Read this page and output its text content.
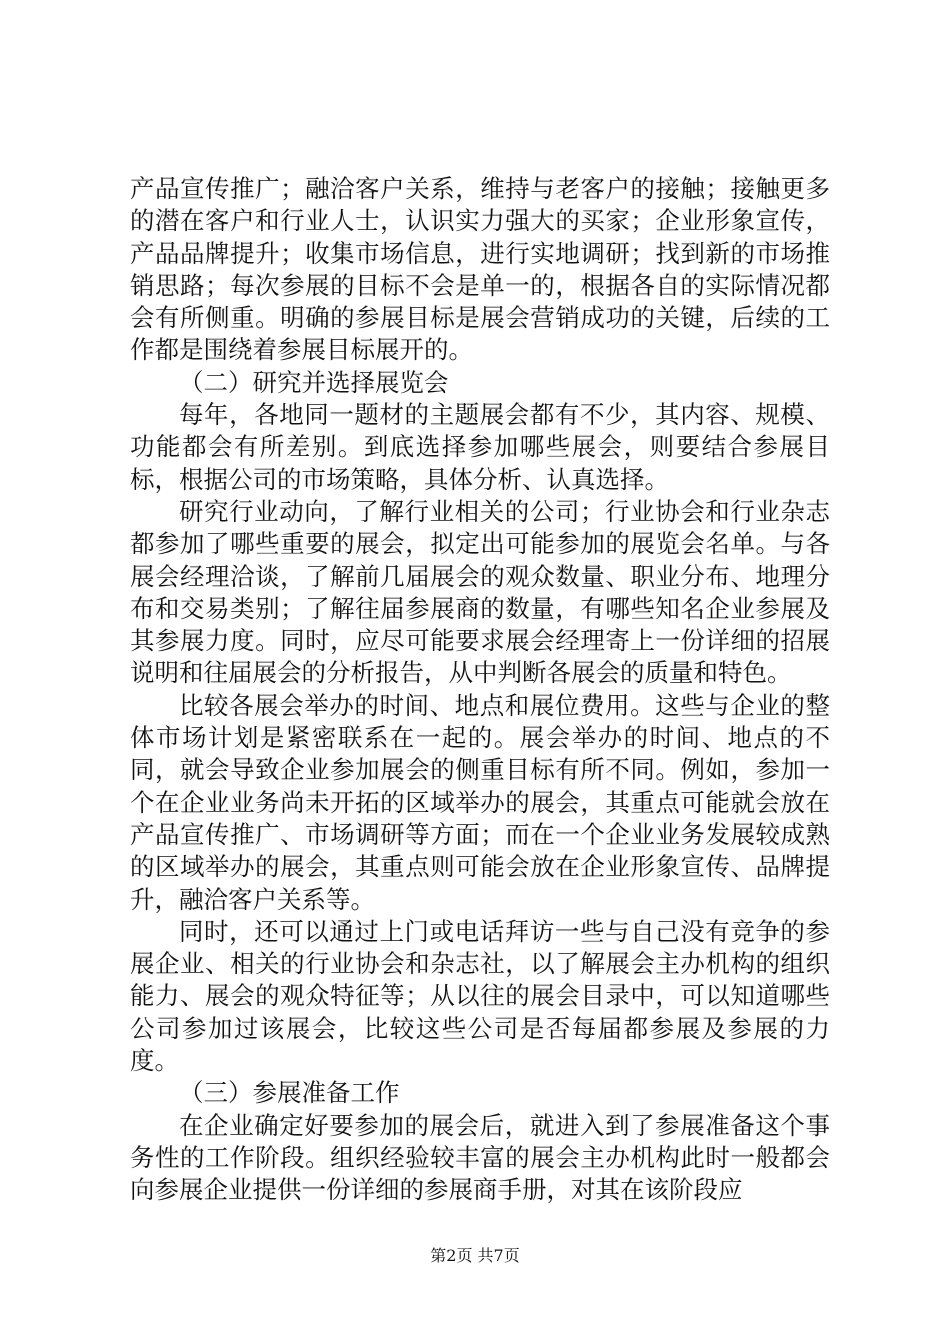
产品宣传推广；融洽客户关系，维持与老客户的接触；接触更多的潜在客户和行业人士，认识实力强大的买家；企业形象宣传，产品品牌提升；收集市场信息，进行实地调研；找到新的市场推销思路；每次参展的目标不会是单一的，根据各自的实际情况都会有所侧重。明确的参展目标是展会营销成功的关键，后续的工作都是围绕着参展目标展开的。

（二）研究并选择展览会

每年，各地同一题材的主题展会都有不少，其内容、规模、功能都会有所差别。到底选择参加哪些展会，则要结合参展目标，根据公司的市场策略，具体分析、认真选择。

研究行业动向，了解行业相关的公司；行业协会和行业杂志都参加了哪些重要的展会，拟定出可能参加的展览会名单。与各展会经理洽谈，了解前几届展会的观众数量、职业分布、地理分布和交易类别；了解往届参展商的数量，有哪些知名企业参展及其参展力度。同时，应尽可能要求展会经理寄上一份详细的招展说明和往届展会的分析报告，从中判断各展会的质量和特色。

比较各展会举办的时间、地点和展位费用。这些与企业的整体市场计划是紧密联系在一起的。展会举办的时间、地点的不同，就会导致企业参加展会的侧重目标有所不同。例如，参加一个在企业业务尚未开拓的区域举办的展会，其重点可能就会放在产品宣传推广、市场调研等方面；而在一个企业业务发展较成熟的区域举办的展会，其重点则可能会放在企业形象宣传、品牌提升，融洽客户关系等。

同时，还可以通过上门或电话拜访一些与自己没有竞争的参展企业、相关的行业协会和杂志社，以了解展会主办机构的组织能力、展会的观众特征等；从以往的展会目录中，可以知道哪些公司参加过该展会，比较这些公司是否每届都参展及参展的力度。

（三）参展准备工作

在企业确定好要参加的展会后，就进入到了参展准备这个事务性的工作阶段。组织经验较丰富的展会主办机构此时一般都会向参展企业提供一份详细的参展商手册，对其在该阶段应

第2页 共7页
